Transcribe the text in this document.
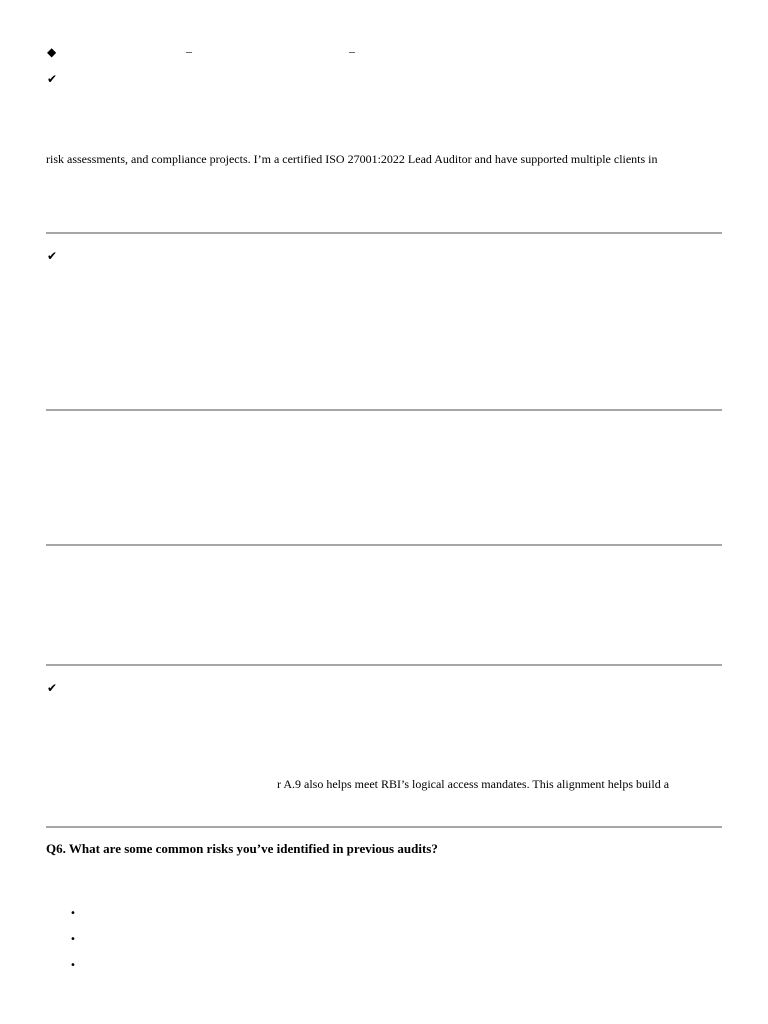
◆	–	–
✔
risk assessments, and compliance projects. I’m a certified ISO 27001:2022 Lead Auditor and have supported multiple clients in
✔
✔
r A.9 also helps meet RBI’s logical access mandates. This alignment helps build a
Q6. What are some common risks you’ve identified in previous audits?
•
•
•
